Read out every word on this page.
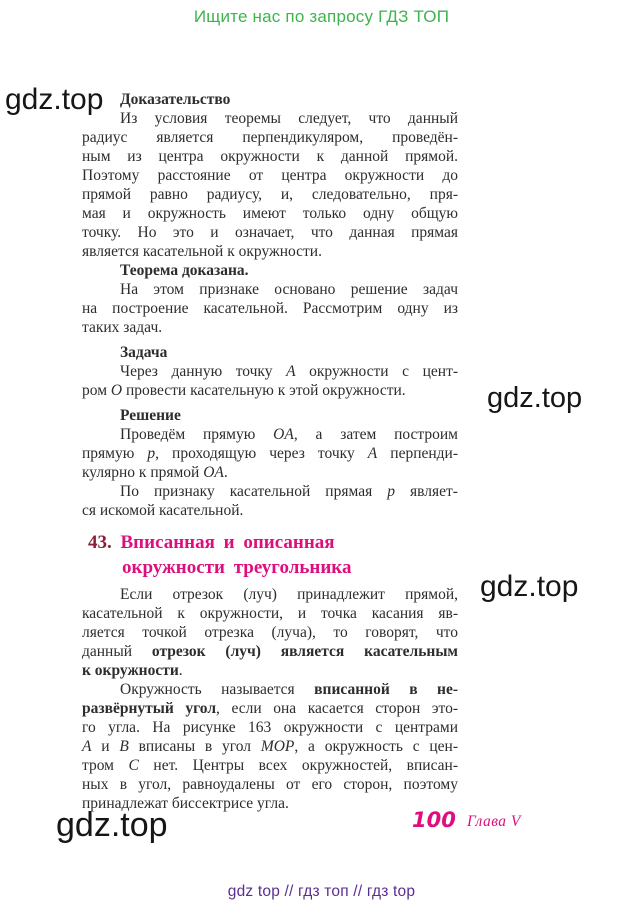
Ищите нас по запросу ГДЗ ТОП
gdz.top
gdz.top
gdz.top
gdz.top
Доказательство
Из условия теоремы следует, что данный
радиус является перпендикуляром, проведён-
ным из центра окружности к данной прямой.
Поэтому расстояние от центра окружности до
прямой равно радиусу, и, следовательно, пря-
мая и окружность имеют только одну общую
точку. Но это и означает, что данная прямая
является касательной к окружности.
Теорема доказана.
На этом признаке основано решение задач
на построение касательной. Рассмотрим одну из
таких задач.
Задача
Через данную точку A окружности с цент-
ром O провести касательную к этой окружности.
Решение
Проведём прямую OA, а затем построим
прямую p, проходящую через точку A перпенди-
кулярно к прямой OA.
По признаку касательной прямая p являет-
ся искомой касательной.
43. Вписанная и описанная
окружности треугольника
Если отрезок (луч) принадлежит прямой,
касательной к окружности, и точка касания яв-
ляется точкой отрезка (луча), то говорят, что
данный отрезок (луч) является касательным
к окружности.
Окружность называется вписанной в не-
развёрнутый угол, если она касается сторон это-
го угла. На рисунке 163 окружности с центрами
A и B вписаны в угол MOP, а окружность с цен-
тром C нет. Центры всех окружностей, вписан-
ных в угол, равноудалены от его сторон, поэтому
принадлежат биссектрисе угла.
100 Глава V
gdz top // гдз топ // гдз top
